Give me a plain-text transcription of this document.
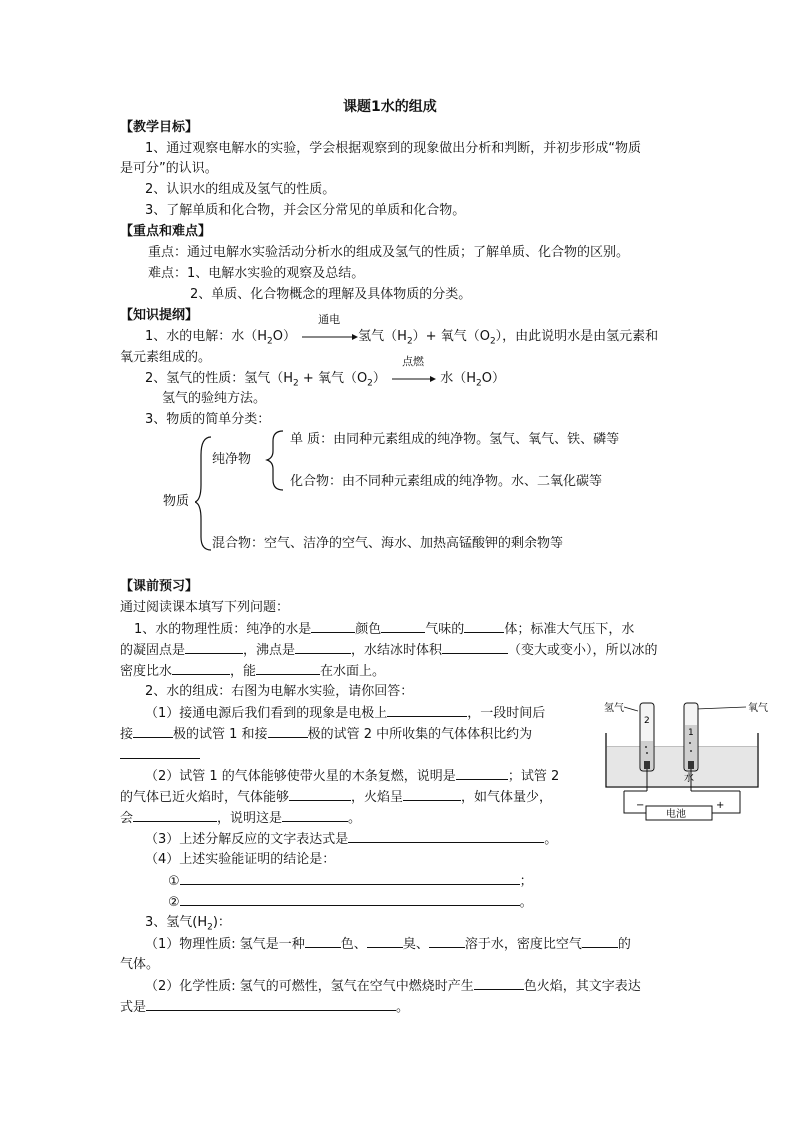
课题1水的组成
【教学目标】
1、通过观察电解水的实验，学会根据观察到的现象做出分析和判断，并初步形成“物质
是可分”的认识。
2、认识水的组成及氢气的性质。
3、了解单质和化合物，并会区分常见的单质和化合物。
【重点和难点】
重点：通过电解水实验活动分析水的组成及氢气的性质；了解单质、化合物的区别。
难点：1、电解水实验的观察及总结。
2、单质、化合物概念的理解及具体物质的分类。
【知识提纲】
1、水的电解：水$(H_2O)$
通电
氢气$(H_2)+$ 氧气$(O_2)$，由此说明水是由氢元素和
氧元素组成的。
2、氢气的性质：氢气（$H_2$ + 氧气$(O_2)$
点燃
水$(H_2O)$
氢气的验纯方法。
3、物质的简单分类：
物质
纯净物
单 质：由同种元素组成的纯净物。氢气、氧气、铁、磷等
化合物：由不同种元素组成的纯净物。水、二氧化碳等
混合物：空气、洁净的空气、海水、加热高锰酸钾的剩余物等
【课前预习】
通过阅读课本填写下列问题：
1、水的物理性质：纯净的水是	颜色	气味的	体；标准大气压下，水
的凝固点是	，沸点是	，水结冰时体积	（变大或变小），所以冰的
密度比水	，能	在水面上。
2、水的组成：右图为电解水实验，请你回答：
（1）接通电源后我们看到的现象是电极上	，一段时间后
接	极的试管 1 和接	极的试管 2 中所收集的气体体积比约为
（2）试管 1 的气体能够使带火星的木条复燃，说明是	；试管 2
的气体已近火焰时，气体能够	，火焰呈	，如气体量少，
会	，说明这是	。
（3）上述分解反应的文字表达式是	。
（4）上述实验能证明的结论是：
①	；
②	。
3、氢气$(H_2)$：
（1）物理性质: 氢气是一种	色、	臭、	溶于水，密度比空气	的
气体。
（2）化学性质: 氢气的可燃性，氢气在空气中燃烧时产生	色火焰，其文字表达
式是	。
氢气	氧气
2
1
水
电池
−	+
